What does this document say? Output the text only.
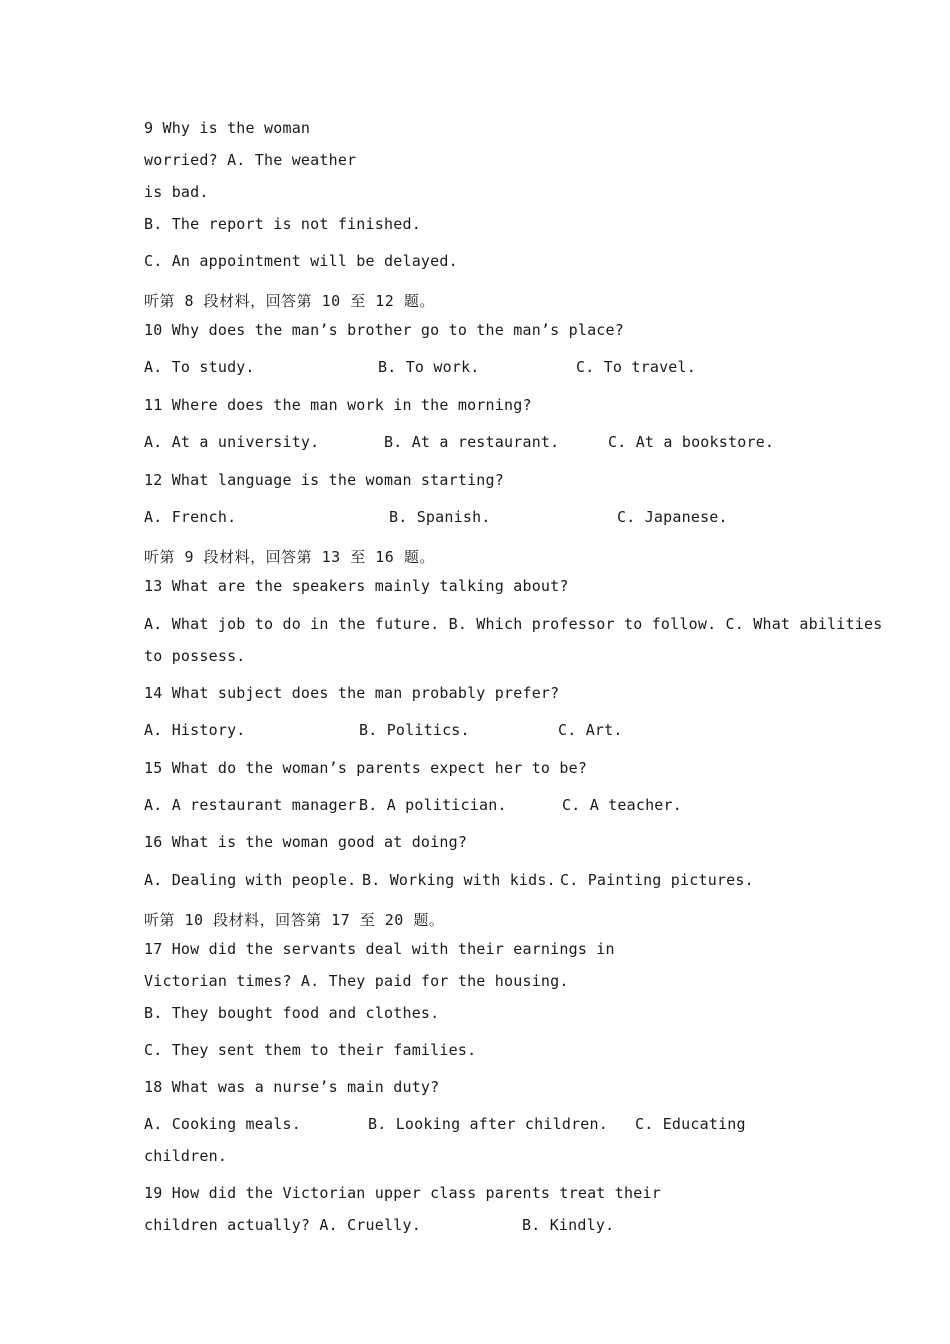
9 Why is the woman
worried? A. The weather
is bad.
B. The report is not finished.
C. An appointment will be delayed.
听第 8 段材料，回答第 10 至 12 题。
10 Why does the man’s brother go to the man’s place?
A. To study.	B. To work.	C. To travel.
11 Where does the man work in the morning?
A. At a university.	B. At a restaurant.	C. At a bookstore.
12 What language is the woman starting?
A. French.	B. Spanish.	C. Japanese.
听第 9 段材料，回答第 13 至 16 题。
13 What are the speakers mainly talking about?
A. What job to do in the future. B. Which professor to follow. C. What abilities
to possess.
14 What subject does the man probably prefer?
A. History.	B. Politics.	C. Art.
15 What do the woman’s parents expect her to be?
A. A restaurant manager.
B. A politician.	C. A teacher.
16 What is the woman good at doing?
A. Dealing with people. B. Working with kids. C. Painting pictures.
听第 10 段材料，回答第 17 至 20 题。
17 How did the servants deal with their earnings in
Victorian times? A. They paid for the housing.
B. They bought food and clothes.
C. They sent them to their families.
18 What was a nurse’s main duty?
A. Cooking meals.	B. Looking after children. C. Educating
children.
19 How did the Victorian upper class parents treat their
children actually? A. Cruelly.	B. Kindly.
